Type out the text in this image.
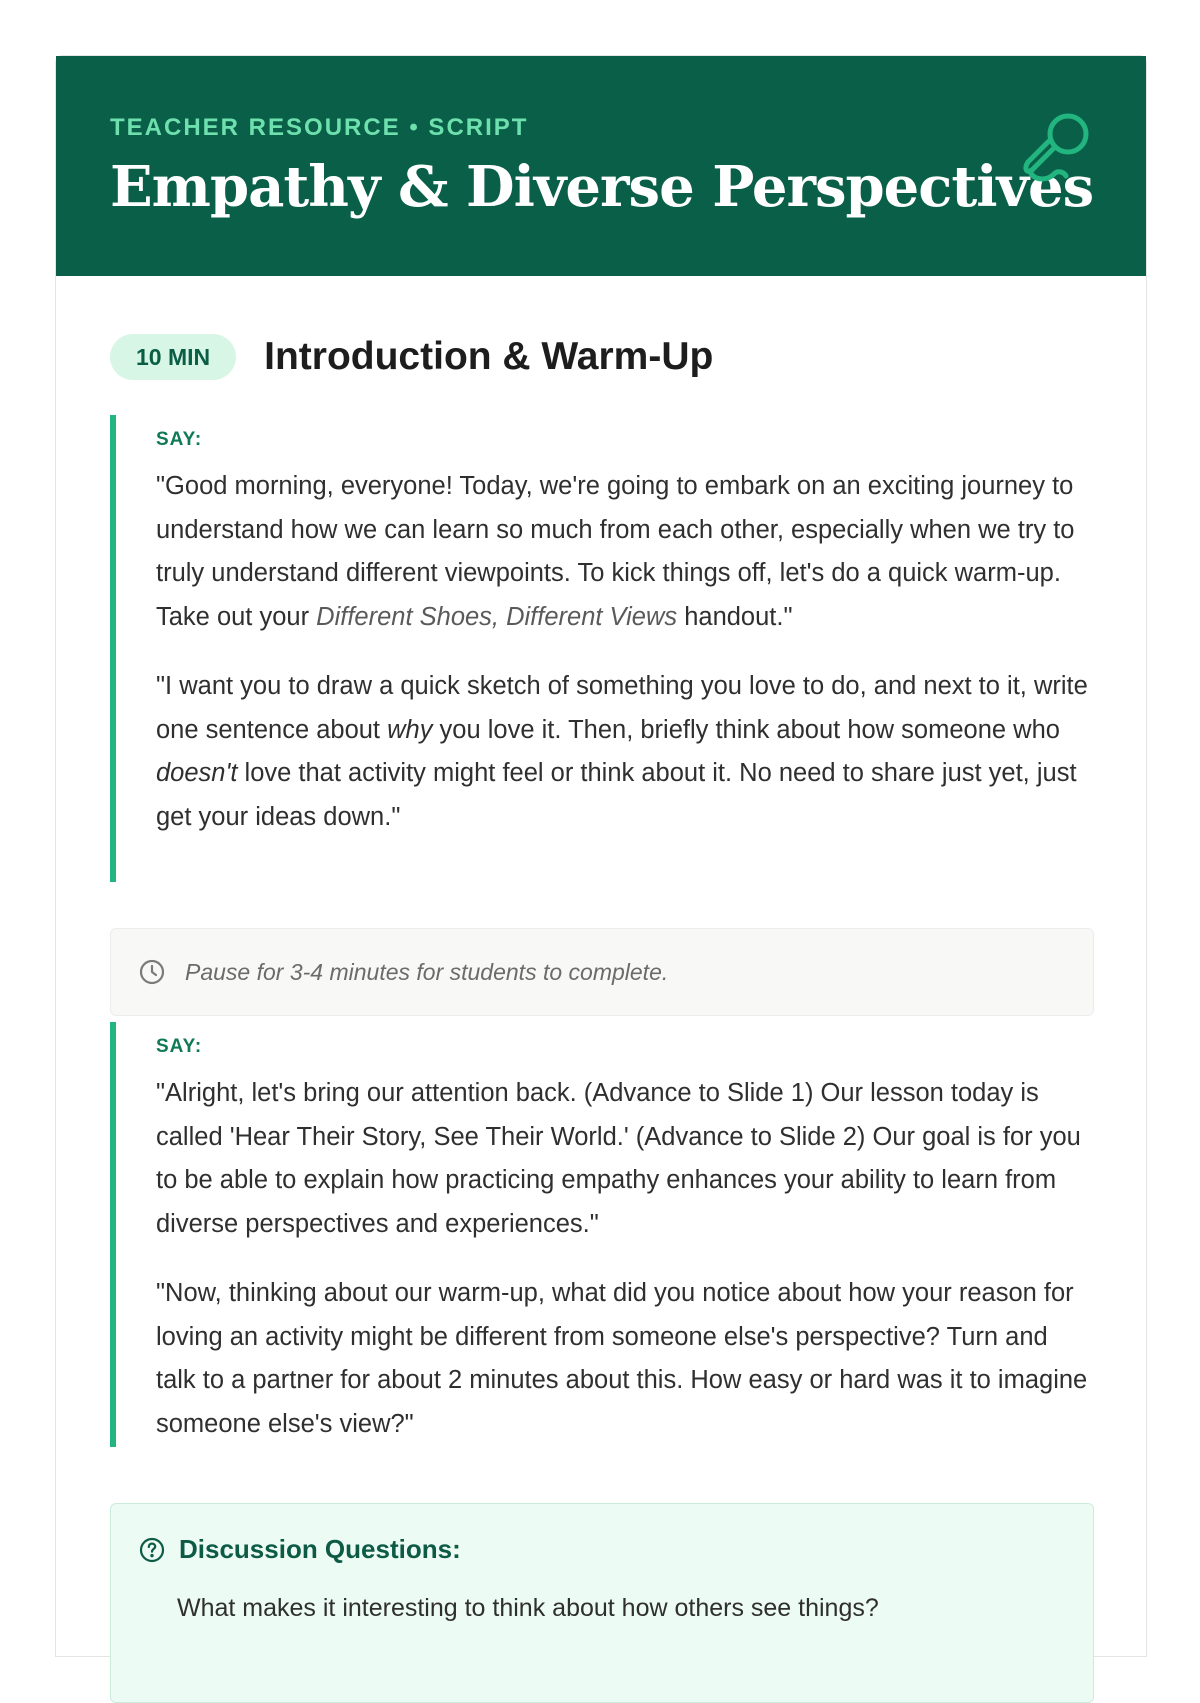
TEACHER RESOURCE • SCRIPT
Empathy & Diverse Perspectives
10 MIN	Introduction & Warm-Up
SAY:

"Good morning, everyone! Today, we're going to embark on an exciting journey to understand how we can learn so much from each other, especially when we try to truly understand different viewpoints. To kick things off, let's do a quick warm-up. Take out your Different Shoes, Different Views handout."

"I want you to draw a quick sketch of something you love to do, and next to it, write one sentence about why you love it. Then, briefly think about how someone who doesn't love that activity might feel or think about it. No need to share just yet, just get your ideas down."

Pause for 3-4 minutes for students to complete.
SAY:

"Alright, let's bring our attention back. (Advance to Slide 1) Our lesson today is called 'Hear Their Story, See Their World.' (Advance to Slide 2) Our goal is for you to be able to explain how practicing empathy enhances your ability to learn from diverse perspectives and experiences."

"Now, thinking about our warm-up, what did you notice about how your reason for loving an activity might be different from someone else's perspective? Turn and talk to a partner for about 2 minutes about this. How easy or hard was it to imagine someone else's view?"

Discussion Questions:
What makes it interesting to think about how others see things?
